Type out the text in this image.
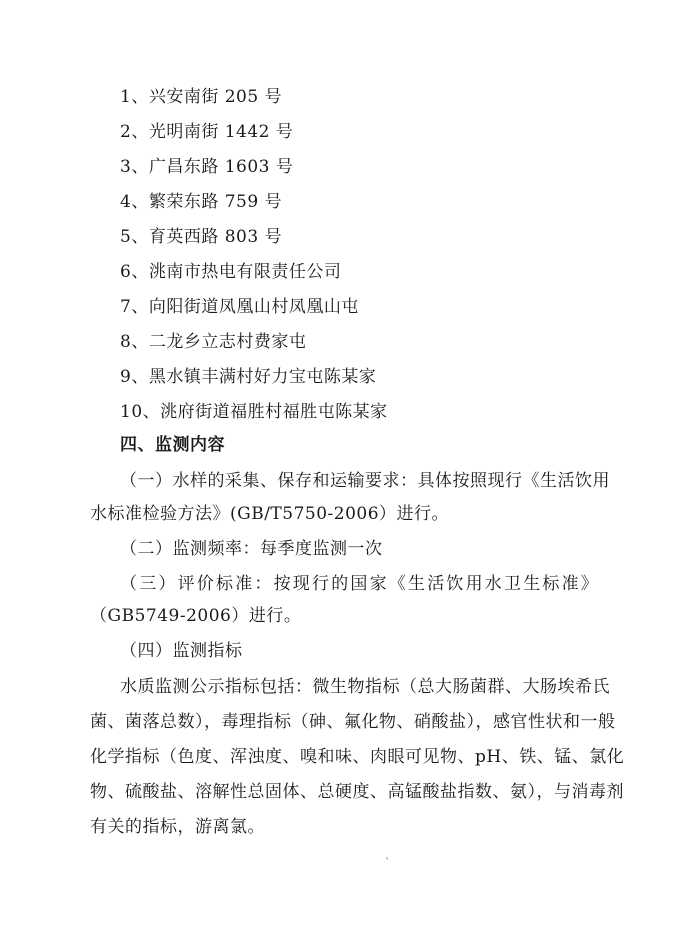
1、兴安南街 205 号
2、光明南街 1442 号
3、广昌东路 1603 号
4、繁荣东路 759 号
5、育英西路 803 号
6、洮南市热电有限责任公司
7、向阳街道凤凰山村凤凰山屯
8、二龙乡立志村费家屯
9、黑水镇丰满村好力宝屯陈某家
10、洮府街道福胜村福胜屯陈某家
四、监测内容
（一）水样的采集、保存和运输要求：具体按照现行《生活饮用
水标准检验方法》(GB/T5750-2006）进行。
（二）监测频率：每季度监测一次
（三）评价标准：按现行的国家《生活饮用水卫生标准》
（GB5749-2006）进行。
（四）监测指标
水质监测公示指标包括：微生物指标（总大肠菌群、大肠埃希氏
菌、菌落总数），毒理指标（砷、氟化物、硝酸盐），感官性状和一般
化学指标（色度、浑浊度、嗅和味、肉眼可见物、pH、铁、锰、氯化
物、硫酸盐、溶解性总固体、总硬度、高锰酸盐指数、氨），与消毒剂
有关的指标，游离氯。
`
